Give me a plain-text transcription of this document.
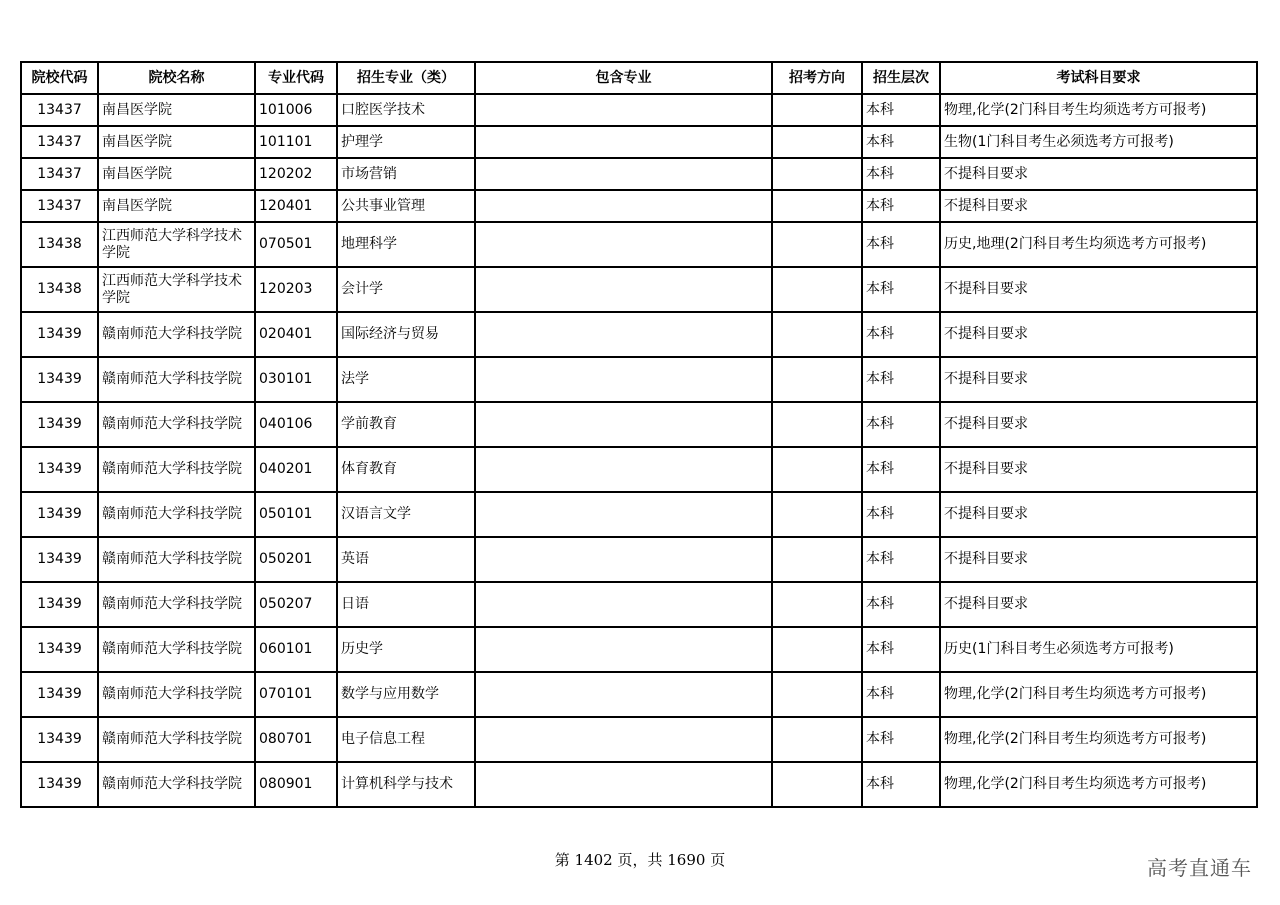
院校代码	院校名称	专业代码	招生专业（类）	包含专业	招考方向	招生层次	考试科目要求
13437	南昌医学院	101006	口腔医学技术			本科	物理,化学(2门科目考生均须选考方可报考)
13437	南昌医学院	101101	护理学			本科	生物(1门科目考生必须选考方可报考)
13437	南昌医学院	120202	市场营销			本科	不提科目要求
13437	南昌医学院	120401	公共事业管理			本科	不提科目要求
13438	江西师范大学科学技术学院	070501	地理科学			本科	历史,地理(2门科目考生均须选考方可报考)
13438	江西师范大学科学技术学院	120203	会计学			本科	不提科目要求
13439	赣南师范大学科技学院	020401	国际经济与贸易			本科	不提科目要求
13439	赣南师范大学科技学院	030101	法学			本科	不提科目要求
13439	赣南师范大学科技学院	040106	学前教育			本科	不提科目要求
13439	赣南师范大学科技学院	040201	体育教育			本科	不提科目要求
13439	赣南师范大学科技学院	050101	汉语言文学			本科	不提科目要求
13439	赣南师范大学科技学院	050201	英语			本科	不提科目要求
13439	赣南师范大学科技学院	050207	日语			本科	不提科目要求
13439	赣南师范大学科技学院	060101	历史学			本科	历史(1门科目考生必须选考方可报考)
13439	赣南师范大学科技学院	070101	数学与应用数学			本科	物理,化学(2门科目考生均须选考方可报考)
13439	赣南师范大学科技学院	080701	电子信息工程			本科	物理,化学(2门科目考生均须选考方可报考)
13439	赣南师范大学科技学院	080901	计算机科学与技术			本科	物理,化学(2门科目考生均须选考方可报考)
第 1402 页，共 1690 页	高考直通车
